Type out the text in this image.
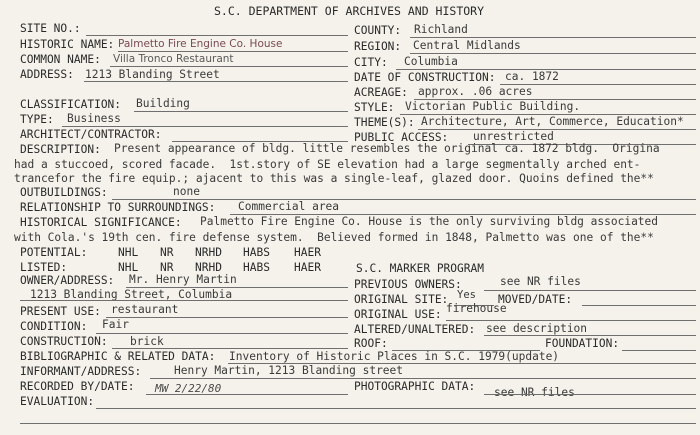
S.C. DEPARTMENT OF ARCHIVES AND HISTORY
SITE NO.:
HISTORIC NAME: Palmetto Fire Engine Co. House
COMMON NAME: Villa Tronco Restaurant
ADDRESS: 1213 Blanding Street
CLASSIFICATION: Building
TYPE: Business
ARCHITECT/CONTRACTOR:
COUNTY: Richland
REGION: Central Midlands
CITY: Columbia
DATE OF CONSTRUCTION: ca. 1872
ACREAGE: approx. .06 acres
STYLE: Victorian Public Building.
THEME(S): Architecture, Art, Commerce, Education*
PUBLIC ACCESS: unrestricted
DESCRIPTION: Present appearance of bldg. little resembles the original ca. 1872 bldg.  Origina
had a stuccoed, scored facade.  1st.story of SE elevation had a large segmentally arched ent-
trancefor the fire equip.; ajacent to this was a single-leaf, glazed door. Quoins defined the**
OUTBUILDINGS:	none
RELATIONSHIP TO SURROUNDINGS: Commercial area
HISTORICAL SIGNIFICANCE: Palmetto Fire Engine Co. House is the only surviving bldg associated
with Cola.'s 19th cen. fire defense system.  Believed formed in 1848, Palmetto was one of the**
POTENTIAL:	NHL NR NRHD HABS HAER
LISTED:	NHL NR NRHD HABS HAER	S.C. MARKER PROGRAM
OWNER/ADDRESS: Mr. Henry Martin
1213 Blanding Street, Columbia
PREVIOUS OWNERS:	see NR files
ORIGINAL SITE: Yes MOVED/DATE:
ORIGINAL USE: firehouse
ALTERED/UNALTERED: see description
ROOF:	FOUNDATION:
PRESENT USE: restaurant
CONDITION: Fair
CONSTRUCTION: brick
BIBLIOGRAPHIC & RELATED DATA: Inventory of Historic Places in S.C. 1979(update)
INFORMANT/ADDRESS:	Henry Martin, 1213 Blanding street
RECORDED BY/DATE: MW 2/22/80	PHOTOGRAPHIC DATA: see NR files
EVALUATION:
